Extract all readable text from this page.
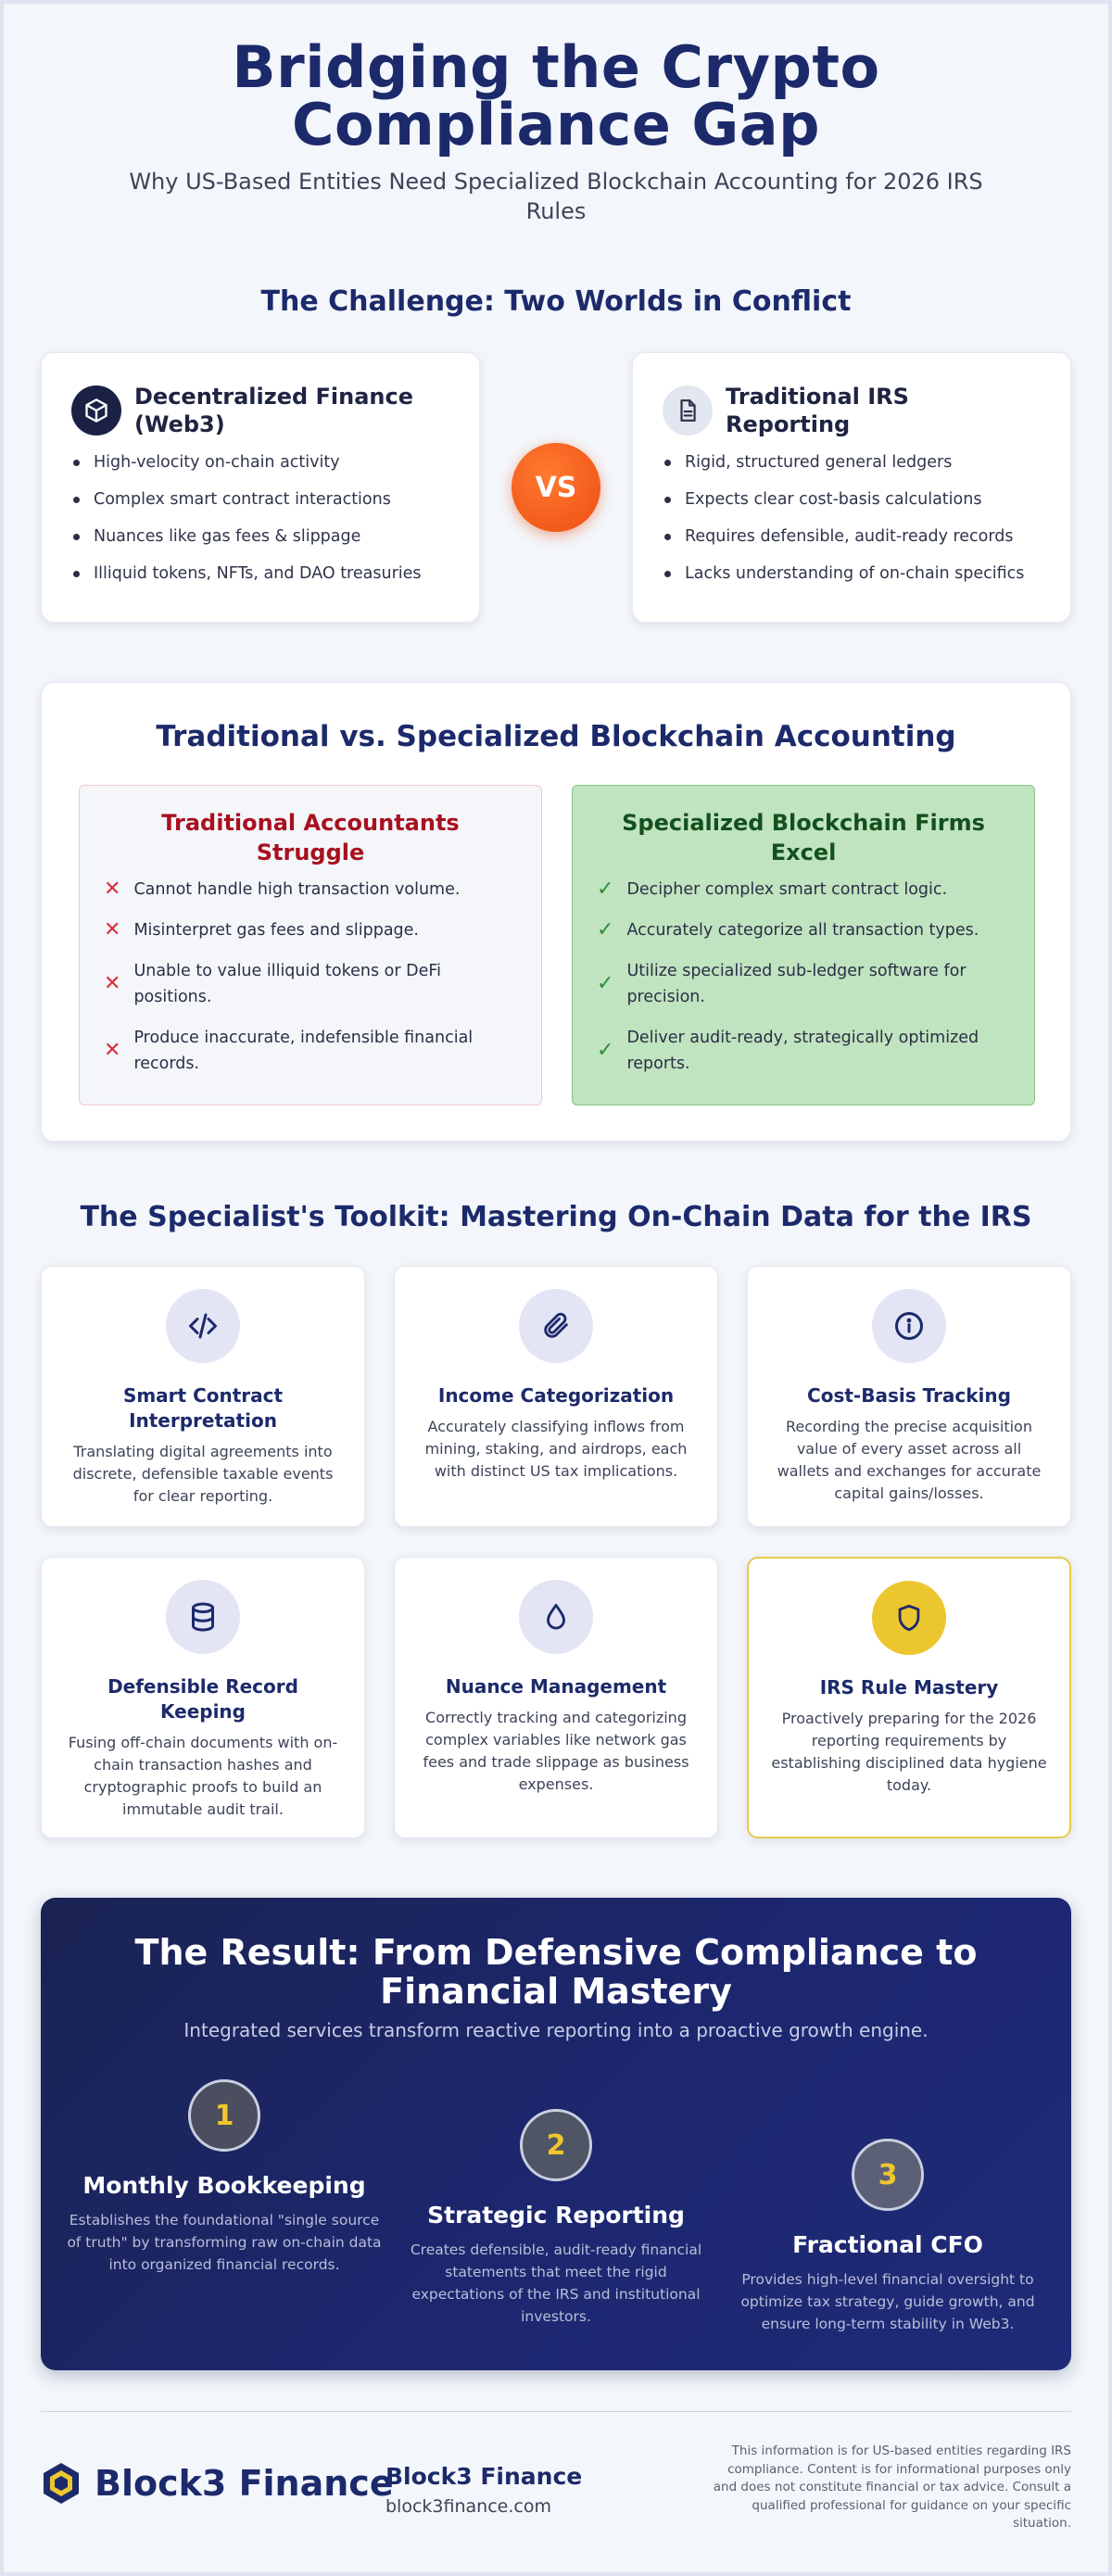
Bridging the Crypto Compliance Gap

Why US-Based Entities Need Specialized Blockchain Accounting for 2026 IRS Rules

The Challenge: Two Worlds in Conflict
Decentralized Finance (Web3)
High-velocity on-chain activity
Complex smart contract interactions
Nuances like gas fees & slippage
Illiquid tokens, NFTs, and DAO treasuries
VS
Traditional IRS Reporting
Rigid, structured general ledgers
Expects clear cost-basis calculations
Requires defensible, audit-ready records
Lacks understanding of on-chain specifics
Traditional vs. Specialized Blockchain Accounting
Traditional Accountants Struggle
✕ Cannot handle high transaction volume.
✕ Misinterpret gas fees and slippage.
✕
Unable to value illiquid tokens or DeFi positions.
✕
Produce inaccurate, indefensible financial records.
Specialized Blockchain Firms Excel
✓ Decipher complex smart contract logic.
✓ Accurately categorize all transaction types.
✓
Utilize specialized sub-ledger software for precision.
✓
Deliver audit-ready, strategically optimized reports.
The Specialist's Toolkit: Mastering On-Chain Data for the IRS
Smart Contract Interpretation
Translating digital agreements into discrete, defensible taxable events for clear reporting.
Income Categorization
Accurately classifying inflows from mining, staking, and airdrops, each with distinct US tax implications.
Cost-Basis Tracking
Recording the precise acquisition value of every asset across all wallets and exchanges for accurate capital gains/losses.
Defensible Record Keeping
Fusing off-chain documents with on-chain transaction hashes and cryptographic proofs to build an immutable audit trail.
Nuance Management
Correctly tracking and categorizing complex variables like network gas fees and trade slippage as business expenses.
IRS Rule Mastery
Proactively preparing for the 2026 reporting requirements by establishing disciplined data hygiene today.
The Result: From Defensive Compliance to Financial Mastery

Integrated services transform reactive reporting into a proactive growth engine.

1
Monthly Bookkeeping
Establishes the foundational "single source of truth" by transforming raw on-chain data into organized financial records.
2
Strategic Reporting
Creates defensible, audit-ready financial statements that meet the rigid expectations of the IRS and institutional investors.
3
Fractional CFO
Provides high-level financial oversight to optimize tax strategy, guide growth, and ensure long-term stability in Web3.
Block3 Finance
Block3 Finance
block3finance.com

This information is for US-based entities regarding IRS compliance. Content is for informational purposes only and does not constitute financial or tax advice. Consult a qualified professional for guidance on your specific situation.
